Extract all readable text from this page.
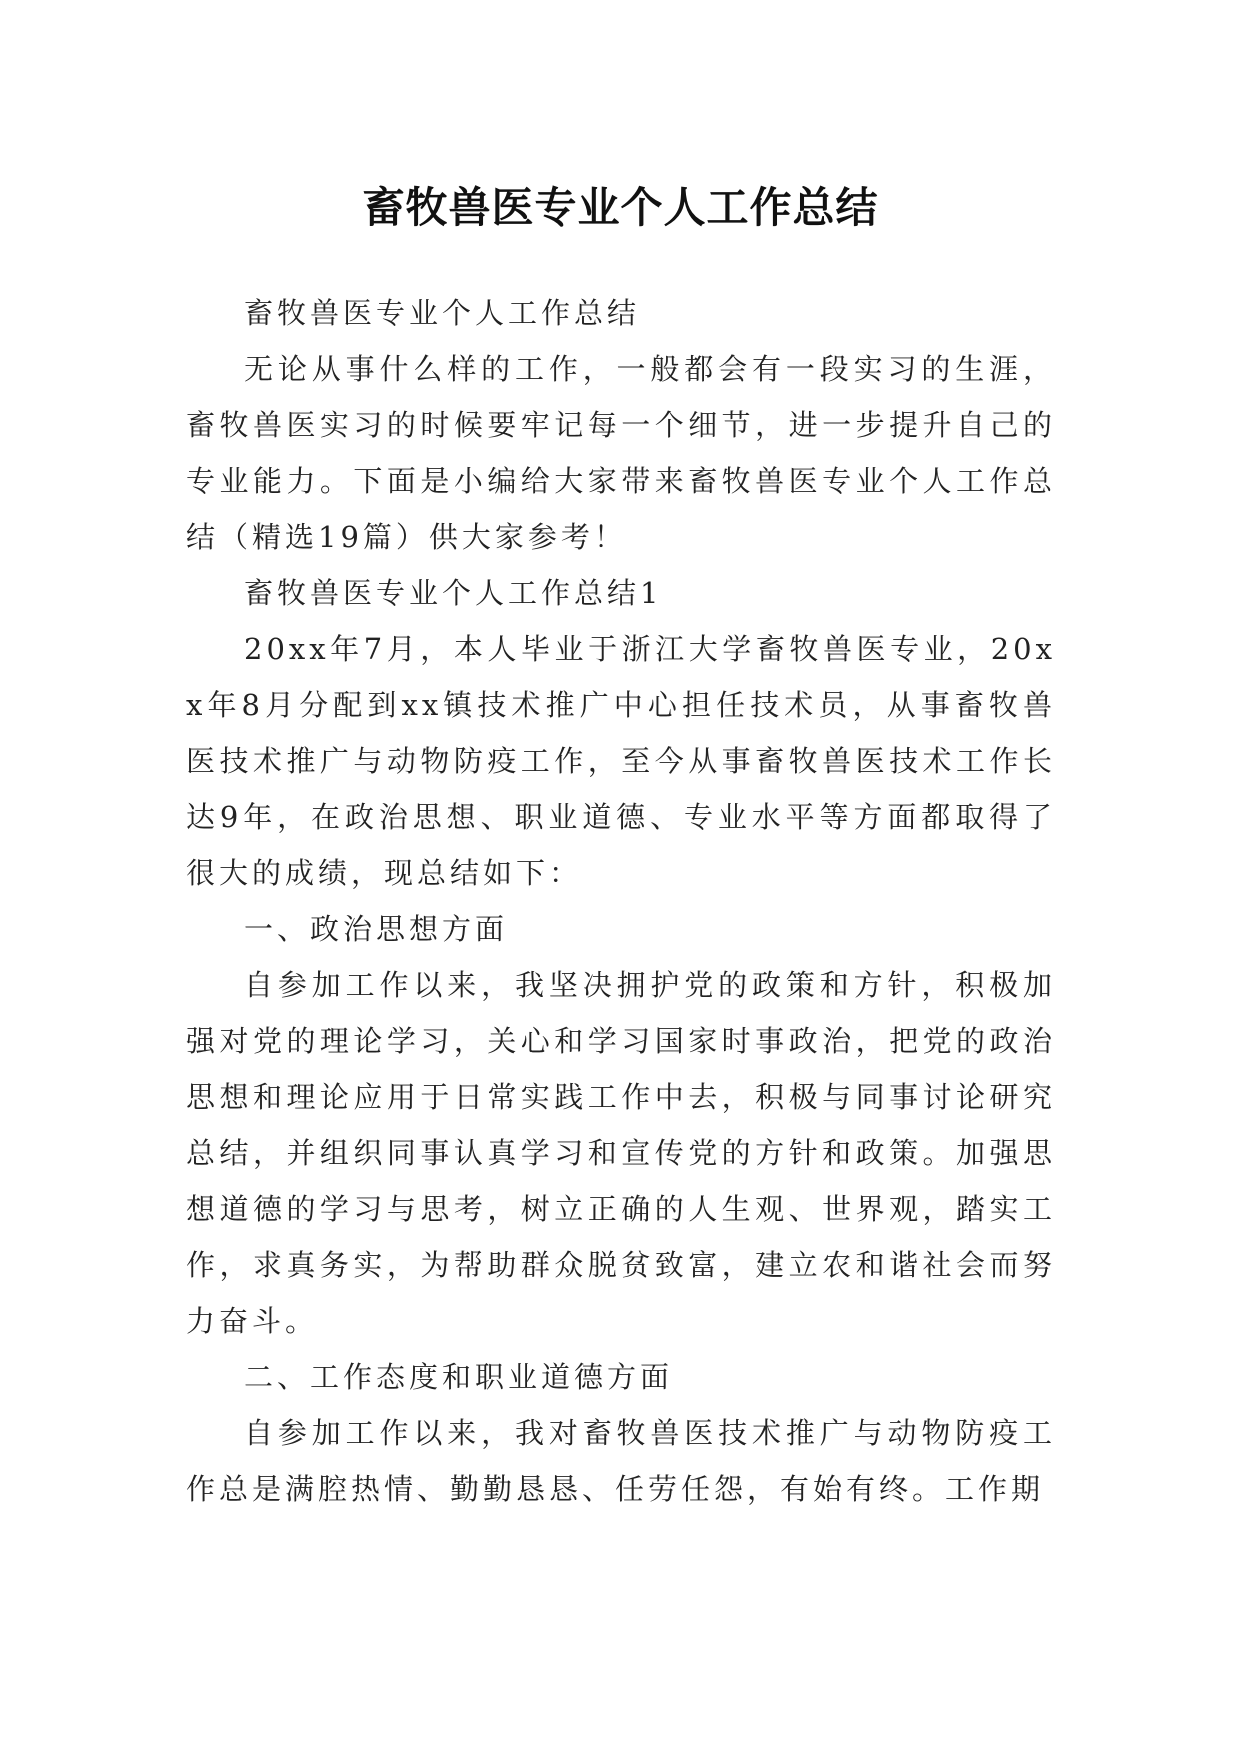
畜牧兽医专业个人工作总结

畜牧兽医专业个人工作总结

无论从事什么样的工作，一般都会有一段实习的生涯，畜牧兽医实习的时候要牢记每一个细节，进一步提升自己的专业能力。下面是小编给大家带来畜牧兽医专业个人工作总结（精选19篇）供大家参考！

畜牧兽医专业个人工作总结1

20xx年7月，本人毕业于浙江大学畜牧兽医专业，20xx年8月分配到xx镇技术推广中心担任技术员，从事畜牧兽医技术推广与动物防疫工作，至今从事畜牧兽医技术工作长达9年，在政治思想、职业道德、专业水平等方面都取得了很大的成绩，现总结如下：

一、政治思想方面

自参加工作以来，我坚决拥护党的政策和方针，积极加强对党的理论学习，关心和学习国家时事政治，把党的政治思想和理论应用于日常实践工作中去，积极与同事讨论研究总结，并组织同事认真学习和宣传党的方针和政策。加强思想道德的学习与思考，树立正确的人生观、世界观，踏实工作，求真务实，为帮助群众脱贫致富，建立农和谐社会而努力奋斗。

二、工作态度和职业道德方面

自参加工作以来，我对畜牧兽医技术推广与动物防疫工作总是满腔热情、勤勤恳恳、任劳任怨，有始有终。工作期
